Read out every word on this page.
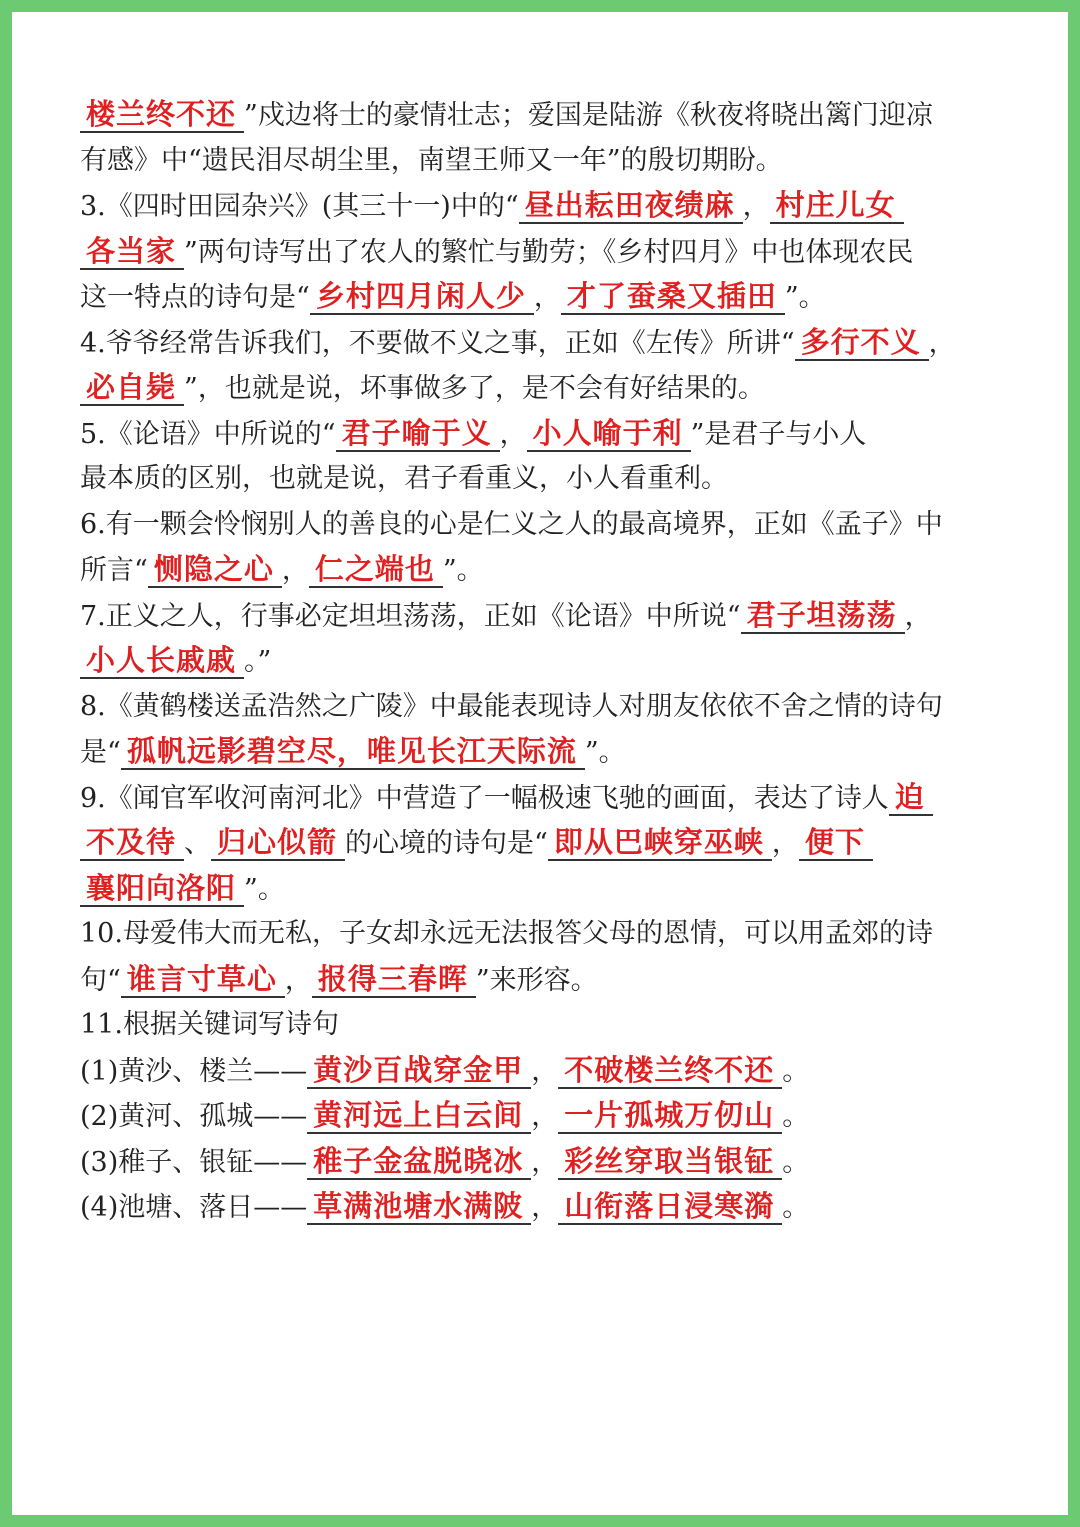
楼兰终不还 ”戍边将士的豪情壮志；爱国是陆游《秋夜将晓出篱门迎凉
有感》中“遗民泪尽胡尘里，南望王师又一年”的殷切期盼。
3.《四时田园杂兴》(其三十一)中的“ 昼出耘田夜绩麻 ， 村庄儿女
各当家 ”两句诗写出了农人的繁忙与勤劳；《乡村四月》中也体现农民
这一特点的诗句是“ 乡村四月闲人少 ， 才了蚕桑又插田 ”。
4.爷爷经常告诉我们，不要做不义之事，正如《左传》所讲“ 多行不义 ，
必自毙 ”，也就是说，坏事做多了，是不会有好结果的。
5.《论语》中所说的“ 君子喻于义 ， 小人喻于利 ”是君子与小人
最本质的区别，也就是说，君子看重义，小人看重利。
6.有一颗会怜悯别人的善良的心是仁义之人的最高境界，正如《孟子》中
所言“ 恻隐之心 ， 仁之端也 ”。
7.正义之人，行事必定坦坦荡荡，正如《论语》中所说“ 君子坦荡荡 ，
小人长戚戚 。”
8.《黄鹤楼送孟浩然之广陵》中最能表现诗人对朋友依依不舍之情的诗句
是“ 孤帆远影碧空尽，唯见长江天际流 ”。
9.《闻官军收河南河北》中营造了一幅极速飞驰的画面，表达了诗人 迫
不及待 、 归心似箭 的心境的诗句是“ 即从巴峡穿巫峡 ， 便下
襄阳向洛阳 ”。
10.母爱伟大而无私，子女却永远无法报答父母的恩情，可以用孟郊的诗
句“ 谁言寸草心 ， 报得三春晖 ”来形容。
11.根据关键词写诗句
(1)黄沙、楼兰—— 黄沙百战穿金甲 ， 不破楼兰终不还 。
(2)黄河、孤城—— 黄河远上白云间 ， 一片孤城万仞山 。
(3)稚子、银钲—— 稚子金盆脱晓冰 ， 彩丝穿取当银钲 。
(4)池塘、落日—— 草满池塘水满陂 ， 山衔落日浸寒漪 。
